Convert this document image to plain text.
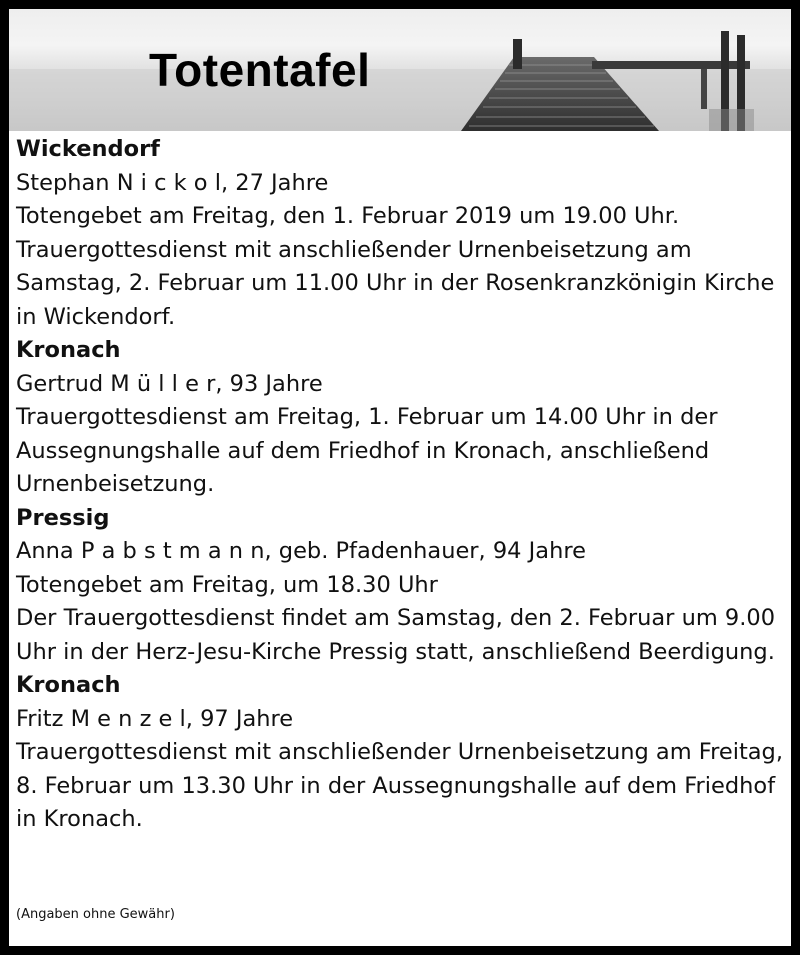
Totentafel

Wickendorf

Stephan N i c k o l, 27 Jahre

Totengebet am Freitag, den 1. Februar 2019 um 19.00 Uhr.

Trauergottesdienst mit anschließender Urnenbeisetzung am Samstag, 2. Februar um 11.00 Uhr in der Rosenkranzkönigin Kirche in Wickendorf.

Kronach

Gertrud M ü l l e r, 93 Jahre

Trauergottesdienst am Freitag, 1. Februar um 14.00 Uhr in der Aussegnungshalle auf dem Friedhof in Kronach, anschließend Urnenbeisetzung.

Pressig

Anna P a b s t m a n n, geb. Pfadenhauer, 94 Jahre

Totengebet am Freitag, um 18.30 Uhr

Der Trauergottesdienst findet am Samstag, den 2. Februar um 9.00 Uhr in der Herz-Jesu-Kirche Pressig statt, anschließend Beerdigung.

Kronach

Fritz M e n z e l, 97 Jahre

Trauergottesdienst mit anschließender Urnenbeisetzung am Freitag, 8. Februar um 13.30 Uhr in der Aussegnungshalle auf dem Friedhof in Kronach.

(Angaben ohne Gewähr)
